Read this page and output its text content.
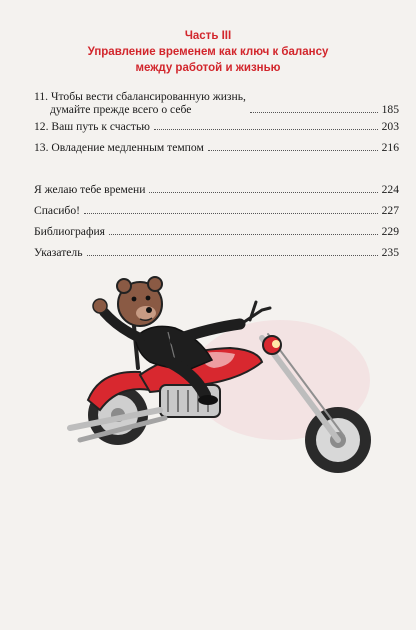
Часть III
Управление временем как ключ к балансу
между работой и жизнью
11. Чтобы вести сбалансированную жизнь,
думайте прежде всего о себе	185
12. Ваш путь к счастью	203
13. Овладение медленным темпом	216
Я желаю тебе времени	224
Спасибо!	227
Библиография	229
Указатель	235
